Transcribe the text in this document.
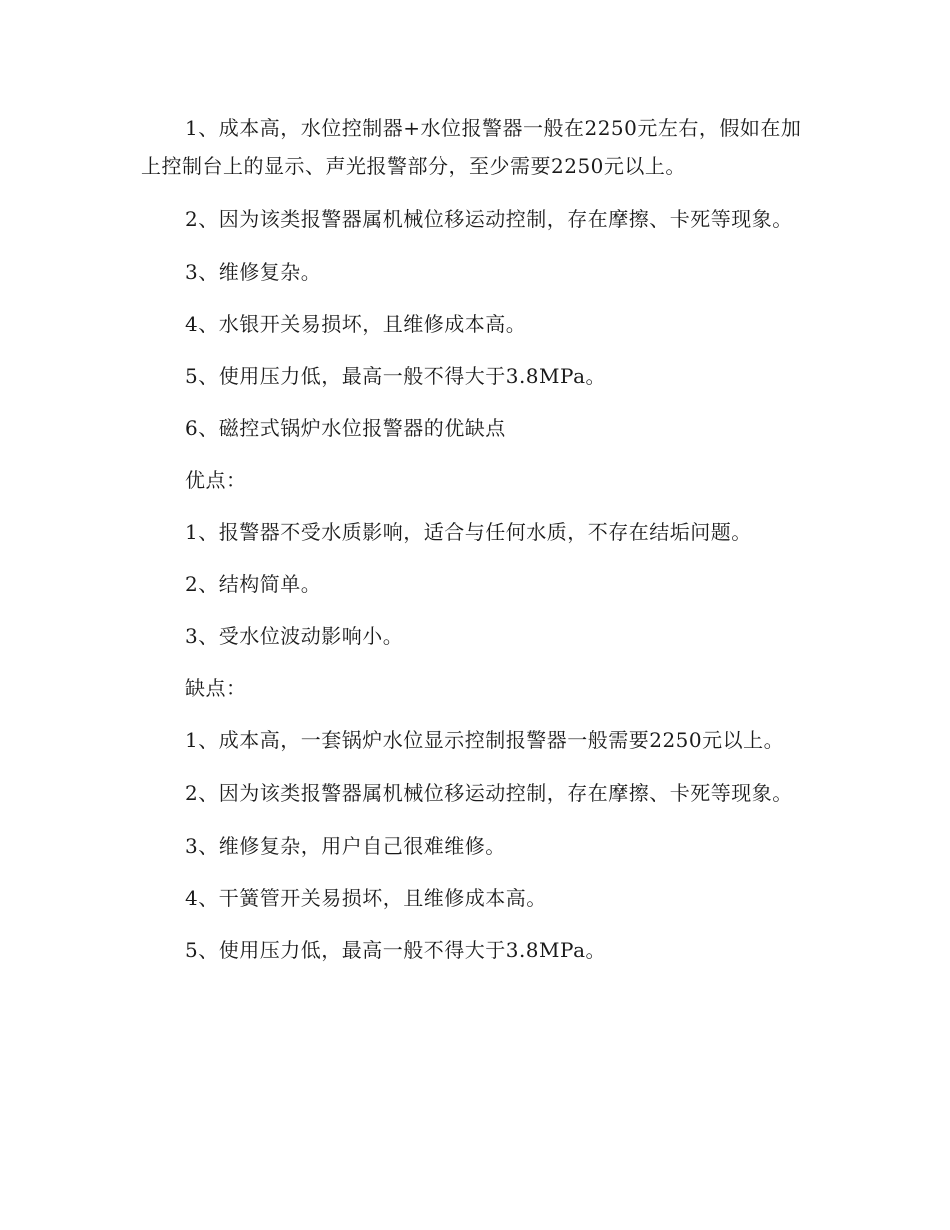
1、成本高，水位控制器+水位报警器一般在2250元左右，假如在加上控制台上的显示、声光报警部分，至少需要2250元以上。

2、因为该类报警器属机械位移运动控制，存在摩擦、卡死等现象。

3、维修复杂。

4、水银开关易损坏，且维修成本高。

5、使用压力低，最高一般不得大于3.8MPa。

6、磁控式锅炉水位报警器的优缺点

优点：

1、报警器不受水质影响，适合与任何水质，不存在结垢问题。

2、结构简单。

3、受水位波动影响小。

缺点：

1、成本高，一套锅炉水位显示控制报警器一般需要2250元以上。

2、因为该类报警器属机械位移运动控制，存在摩擦、卡死等现象。

3、维修复杂，用户自己很难维修。

4、干簧管开关易损坏，且维修成本高。

5、使用压力低，最高一般不得大于3.8MPa。
